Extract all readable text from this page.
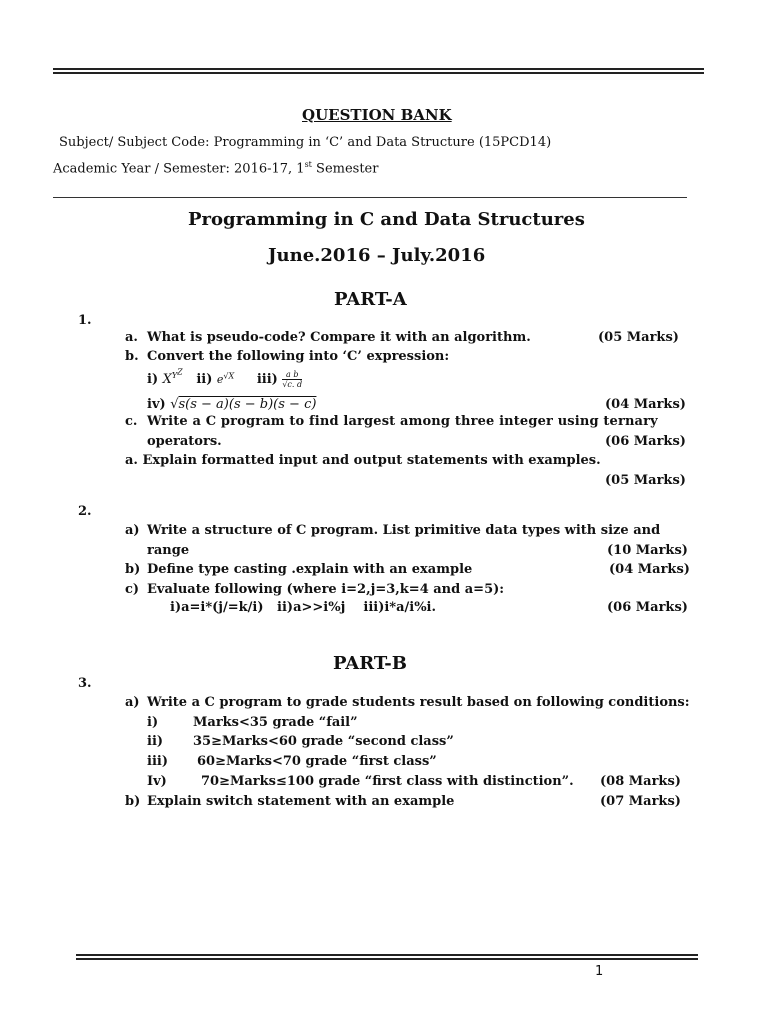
QUESTION BANK
Subject/ Subject Code: Programming in ‘C’ and Data Structure (15PCD14)
Academic Year / Semester: 2016-17, 1st Semester
Programming in C and Data Structures
June.2016 – July.2016
PART-A
1.
a. What is pseudo-code? Compare it with an algorithm.	(05 Marks)
b. Convert the following into ‘C’ expression:
i) $X^{Y^Z}$   ii) $e^{√X}$ $iii) \frac{\text{a b}}{√c. d}$
iv) √s(s − a)(s − b)(s − c)	(04 Marks)
c. Write a C program to find largest among three integer using ternary
operators.	(06 Marks)
a. Explain formatted input and output statements with examples.
(05 Marks)
2.
a) Write a structure of C program. List primitive data types with size and
range	(10 Marks)
b) Define type casting .explain with an example	(04 Marks)
c) Evaluate following (where i=2,j=3,k=4 and a=5):
i)a=i*(j/=k/i)   ii)a>>i%j    iii)i*a/i%i.	(06 Marks)
PART-B
3.
a) Write a C program to grade students result based on following conditions:
i)	Marks<35 grade “fail”
ii) 35≥Marks<60 grade “second class”
iii) 60≥Marks<70 grade “first class”
Iv)	70≥Marks≤100 grade “first class with distinction”. (08 Marks)
b) Explain switch statement with an example	(07 Marks)
1
